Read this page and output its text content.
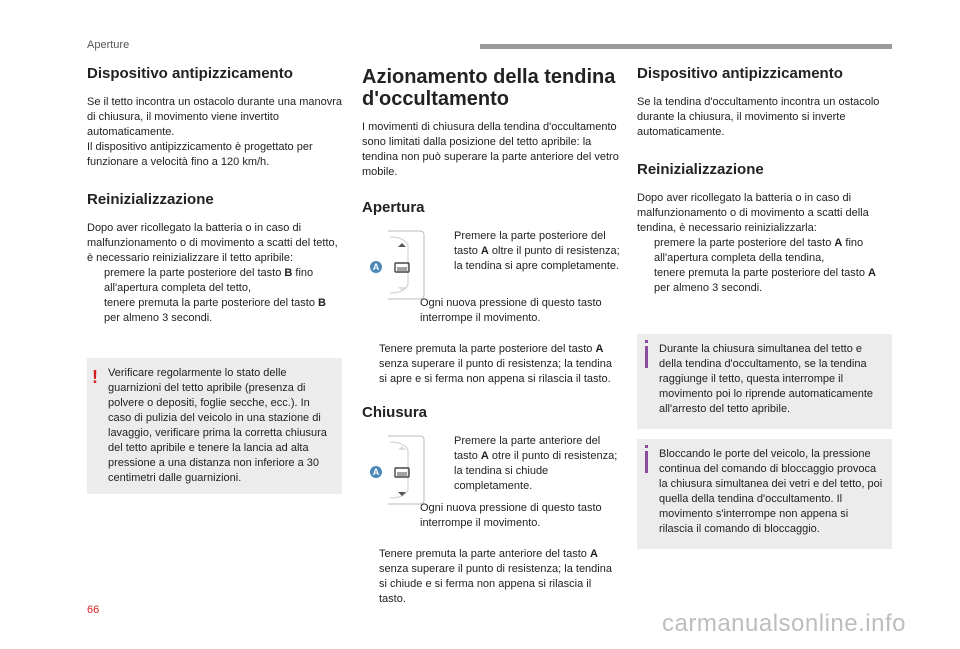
Aperture
Dispositivo antipizzicamento

Se il tetto incontra un ostacolo durante una manovra di chiusura, il movimento viene invertito automaticamente.

Il dispositivo antipizzicamento è progettato per funzionare a velocità fino a 120 km/h.

Reinizializzazione

Dopo aver ricollegato la batteria o in caso di malfunzionamento o di movimento a scatti del tetto, è necessario reinizializzare il tetto apribile:

premere la parte posteriore del tasto B fino all'apertura completa del tetto,

tenere premuta la parte posteriore del tasto B per almeno 3 secondi.

! Verificare regolarmente lo stato delle guarnizioni del tetto apribile (presenza di polvere o depositi, foglie secche, ecc.). In caso di pulizia del veicolo in una stazione di lavaggio, verificare prima la corretta chiusura del tetto apribile e tenere la lancia ad alta pressione a una distanza non inferiore a 30 centimetri dalle guarnizioni.
Azionamento della tendina d'occultamento

I movimenti di chiusura della tendina d'occultamento sono limitati dalla posizione del tetto apribile: la tendina non può superare la parte anteriore del vetro mobile.

Apertura
A

Premere la parte posteriore del tasto A oltre il punto di resistenza; la tendina si apre completamente.

Ogni nuova pressione di questo tasto interrompe il movimento.

Tenere premuta la parte posteriore del tasto A senza superare il punto di resistenza; la tendina si apre e si ferma non appena si rilascia il tasto.

Chiusura
A

Premere la parte anteriore del tasto A otre il punto di resistenza; la tendina si chiude completamente.

Ogni nuova pressione di questo tasto interrompe il movimento.

Tenere premuta la parte anteriore del tasto A senza superare il punto di resistenza; la tendina si chiude e si ferma non appena si rilascia il tasto.

Dispositivo antipizzicamento

Se la tendina d'occultamento incontra un ostacolo durante la chiusura, il movimento si inverte automaticamente.

Reinizializzazione

Dopo aver ricollegato la batteria o in caso di malfunzionamento o di movimento a scatti della tendina, è necessario reinizializzarla:

premere la parte posteriore del tasto A fino all'apertura completa della tendina,

tenere premuta la parte posteriore del tasto A per almeno 3 secondi.

Durante la chiusura simultanea del tetto e della tendina d'occultamento, se la tendina raggiunge il tetto, questa interrompe il movimento poi lo riprende automaticamente all'arresto del tetto apribile.
Bloccando le porte del veicolo, la pressione continua del comando di bloccaggio provoca la chiusura simultanea dei vetri e del tetto, poi quella della tendina d'occultamento. Il movimento s'interrompe non appena si rilascia il comando di bloccaggio.
66	carmanualsonline.info
